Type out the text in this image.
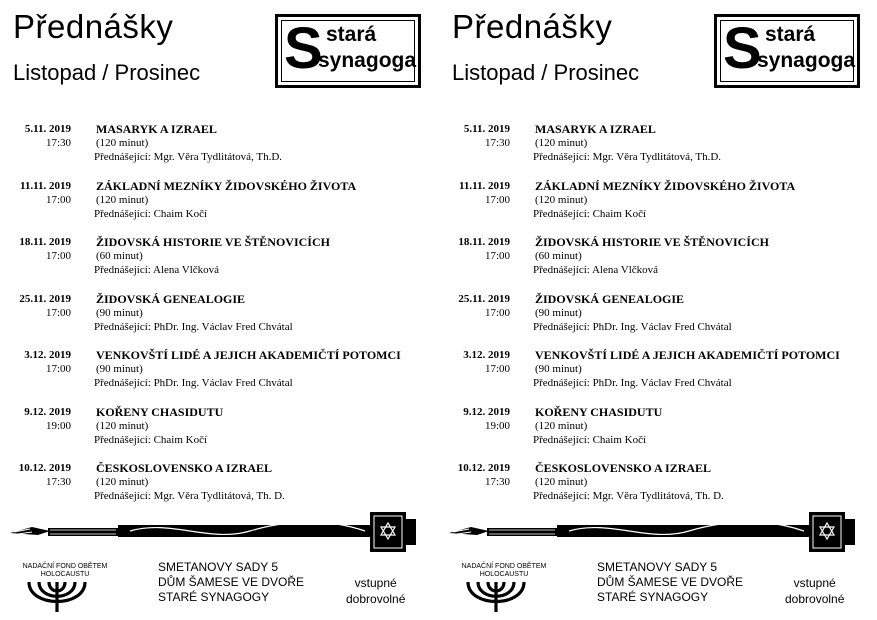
Přednášky
Listopad / Prosinec S stará
synagoga
5.11. 2019
17:30
MASARYK A IZRAEL
(120 minut)
Přednášející: Mgr. Věra Tydlitátová, Th.D.
11.11. 2019
17:00
ZÁKLADNÍ MEZNÍKY ŽIDOVSKÉHO ŽIVOTA
(120 minut)
Přednášející: Chaim Kočí
18.11. 2019
17:00
ŽIDOVSKÁ HISTORIE VE ŠTĚNOVICÍCH
(60 minut)
Přednášející: Alena Vlčková
25.11. 2019
17:00
ŽIDOVSKÁ GENEALOGIE
(90 minut)
Přednášející: PhDr. Ing. Václav Fred Chvátal
3.12. 2019
17:00
VENKOVŠTÍ LIDÉ A JEJICH AKADEMIČTÍ POTOMCI
(90 minut)
Přednášející: PhDr. Ing. Václav Fred Chvátal
9.12. 2019
19:00
KOŘENY CHASIDUTU
(120 minut)
Přednášející: Chaim Kočí
10.12. 2019
17:30
ČESKOSLOVENSKO A IZRAEL
(120 minut)
Přednášející: Mgr. Věra Tydlitátová, Th. D.
NADAČNÍ FOND OBĚTEM
HOLOCAUSTU
SMETANOVY SADY 5
DŮM ŠAMESE VE DVOŘE
STARÉ SYNAGOGY
vstupné
dobrovolné
Přednášky
Listopad / Prosinec S stará
synagoga
5.11. 2019
17:30
MASARYK A IZRAEL
(120 minut)
Přednášející: Mgr. Věra Tydlitátová, Th.D.
11.11. 2019
17:00
ZÁKLADNÍ MEZNÍKY ŽIDOVSKÉHO ŽIVOTA
(120 minut)
Přednášející: Chaim Kočí
18.11. 2019
17:00
ŽIDOVSKÁ HISTORIE VE ŠTĚNOVICÍCH
(60 minut)
Přednášející: Alena Vlčková
25.11. 2019
17:00
ŽIDOVSKÁ GENEALOGIE
(90 minut)
Přednášející: PhDr. Ing. Václav Fred Chvátal
3.12. 2019
17:00
VENKOVŠTÍ LIDÉ A JEJICH AKADEMIČTÍ POTOMCI
(90 minut)
Přednášející: PhDr. Ing. Václav Fred Chvátal
9.12. 2019
19:00
KOŘENY CHASIDUTU
(120 minut)
Přednášející: Chaim Kočí
10.12. 2019
17:30
ČESKOSLOVENSKO A IZRAEL
(120 minut)
Přednášející: Mgr. Věra Tydlitátová, Th. D.
NADAČNÍ FOND OBĚTEM
HOLOCAUSTU
SMETANOVY SADY 5
DŮM ŠAMESE VE DVOŘE
STARÉ SYNAGOGY
vstupné
dobrovolné
